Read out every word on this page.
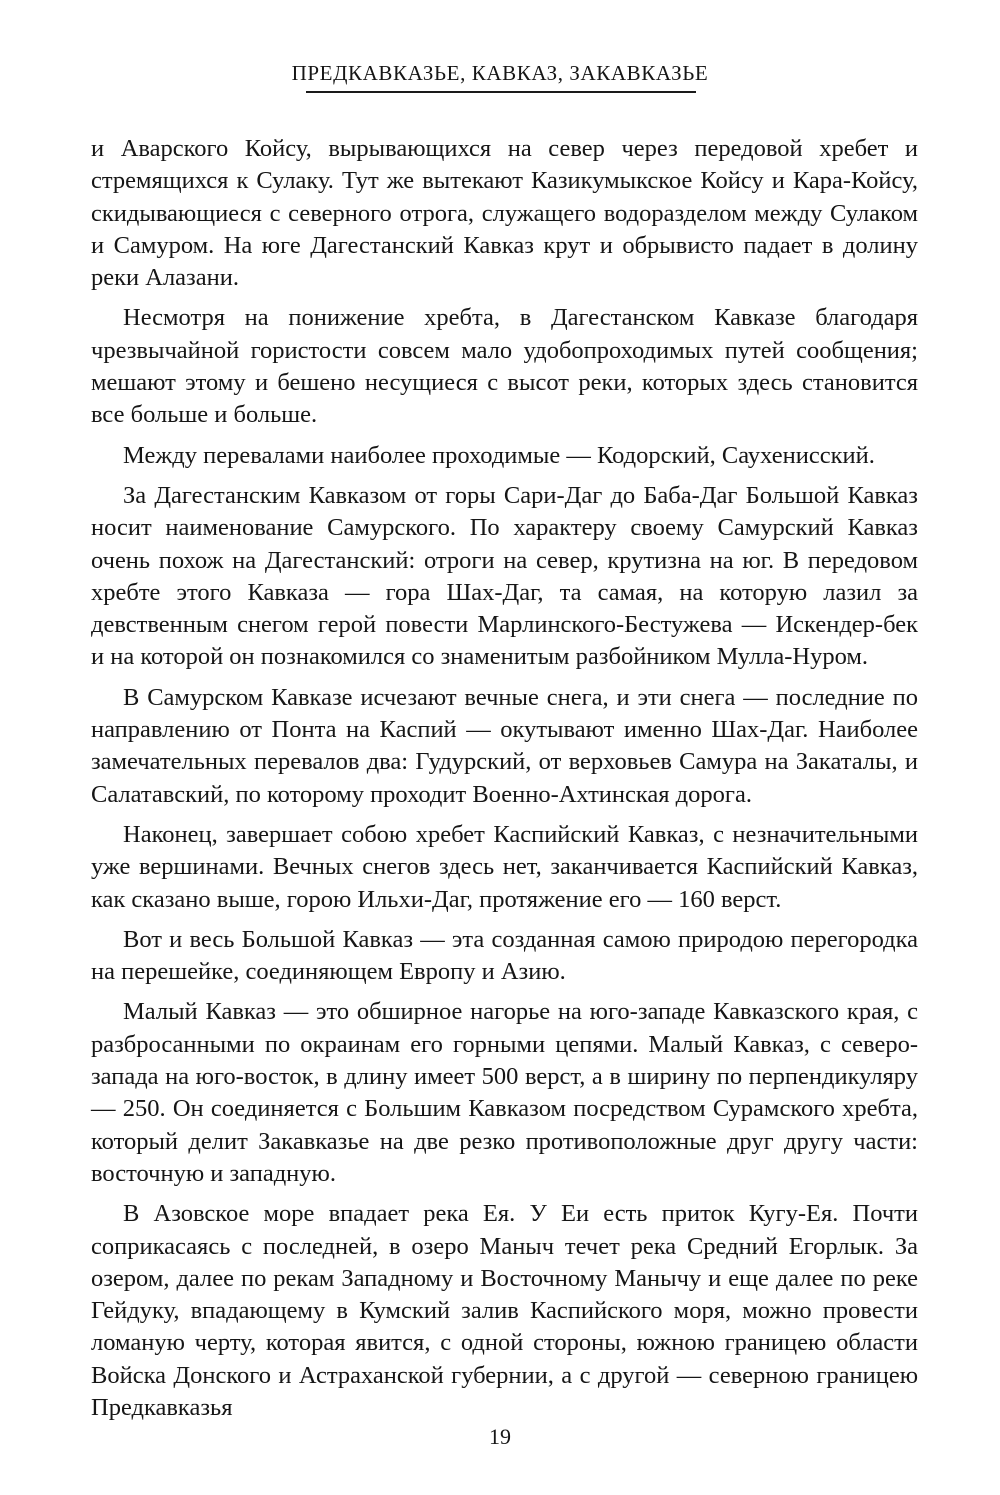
ПРЕДКАВКАЗЬЕ, КАВКАЗ, ЗАКАВКАЗЬЕ

и Аварского Койсу, вырывающихся на север через передовой хребет и стремящихся к Сулаку. Тут же вытекают Казикумыкское Койсу и Кара-Койсу, скидывающиеся с северного отрога, служащего водоразделом между Сулаком и Самуром. На юге Дагестанский Кавказ крут и обрывисто падает в долину реки Алазани.

Несмотря на понижение хребта, в Дагестанском Кавказе благодаря чрезвычайной гористости совсем мало удобопроходимых путей сообщения; мешают этому и бешено несущиеся с высот реки, которых здесь становится все больше и больше.

Между перевалами наиболее проходимые — Кодорский, Саухенисский.

За Дагестанским Кавказом от горы Сари-Даг до Баба-Даг Большой Кавказ носит наименование Самурского. По характеру своему Самурский Кавказ очень похож на Дагестанский: отроги на север, крутизна на юг. В передовом хребте этого Кавказа — гора Шах-Даг, та самая, на которую лазил за девственным снегом герой повести Марлинского-Бестужева — Искендер-бек и на которой он познакомился со знаменитым разбойником Мулла-Нуром.

В Самурском Кавказе исчезают вечные снега, и эти снега — последние по направлению от Понта на Каспий — окутывают именно Шах-Даг. Наиболее замечательных перевалов два: Гудурский, от верховьев Самура на Закаталы, и Салатавский, по которому проходит Военно-Ахтинская дорога.

Наконец, завершает собою хребет Каспийский Кавказ, с незначительными уже вершинами. Вечных снегов здесь нет, заканчивается Каспийский Кавказ, как сказано выше, горою Ильхи-Даг, протяжение его — 160 верст.

Вот и весь Большой Кавказ — эта созданная самою природою перегородка на перешейке, соединяющем Европу и Азию.

Малый Кавказ — это обширное нагорье на юго-западе Кавказского края, с разбросанными по окраинам его горными цепями. Малый Кавказ, с северо-запада на юго-восток, в длину имеет 500 верст, а в ширину по перпендикуляру — 250. Он соединяется с Большим Кавказом посредством Сурамского хребта, который делит Закавказье на две резко противоположные друг другу части: восточную и западную.

В Азовское море впадает река Ея. У Еи есть приток Кугу-Ея. Почти соприкасаясь с последней, в озеро Маныч течет река Средний Егорлык. За озером, далее по рекам Западному и Восточному Манычу и еще далее по реке Гейдуку, впадающему в Кумский залив Каспийского моря, можно провести ломаную черту, которая явится, с одной стороны, южною границею области Войска Донского и Астраханской губернии, а с другой — северною границею Предкавказья

19
